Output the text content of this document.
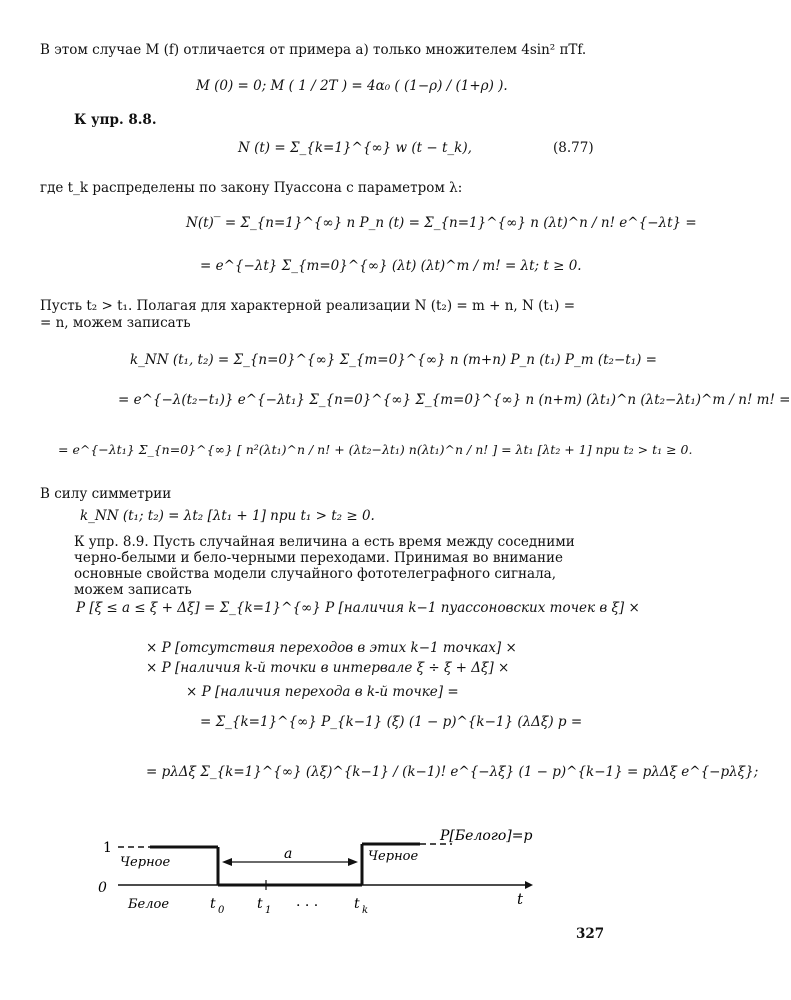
В этом случае M (f) отличается от примера а) только множителем 4sin² πTf.
M (0) = 0; M ( 1 / 2T ) = 4α₀ ( (1−ρ) / (1+ρ) ).
К упр. 8.8.
N (t) = Σ_{k=1}^{∞} w (t − t_k),	(8.77)
где t_k распределены по закону Пуассона с параметром λ:
N(t)‾ = Σ_{n=1}^{∞} n P_n (t) = Σ_{n=1}^{∞} n (λt)^n / n! e^{−λt} =
= e^{−λt} Σ_{m=0}^{∞} (λt) (λt)^m / m! = λt; t ≥ 0.
Пусть t₂ > t₁. Полагая для характерной реализации N (t₂) = m + n, N (t₁) =
= n, можем записать
k_NN (t₁, t₂) = Σ_{n=0}^{∞} Σ_{m=0}^{∞} n (m+n) P_n (t₁) P_m (t₂−t₁) =
= e^{−λ(t₂−t₁)} e^{−λt₁} Σ_{n=0}^{∞} Σ_{m=0}^{∞} n (n+m) (λt₁)^n (λt₂−λt₁)^m / n! m! =
= e^{−λt₁} Σ_{n=0}^{∞} [ n²(λt₁)^n / n! + (λt₂−λt₁) n(λt₁)^n / n! ] = λt₁ [λt₂ + 1] при t₂ > t₁ ≥ 0.
В силу симметрии
k_NN (t₁; t₂) = λt₂ [λt₁ + 1] при t₁ > t₂ ≥ 0.
К упр. 8.9. Пусть случайная величина a есть время между соседними черно-белыми и бело-черными переходами. Принимая во внимание основные свойства модели случайного фототелеграфного сигнала, можем записать
P [ξ ≤ a ≤ ξ + Δξ] = Σ_{k=1}^{∞} P [наличия k−1 пуассоновских точек в ξ] ×
× P [отсутствия переходов в этих k−1 точках] ×
× P [наличия k-й точки в интервале ξ ÷ ξ + Δξ] ×
× P [наличия перехода в k-й точке] =
= Σ_{k=1}^{∞} P_{k−1} (ξ) (1 − p)^{k−1} (λΔξ) p =
= pλΔξ Σ_{k=1}^{∞} (λξ)^{k−1} / (k−1)! e^{−λξ} (1 − p)^{k−1} = pλΔξ e^{−pλξ};
1
0
Черное	Черное
Белое
a
P[Белого]=p
t
t 0 t 1
. . .	t k
327
